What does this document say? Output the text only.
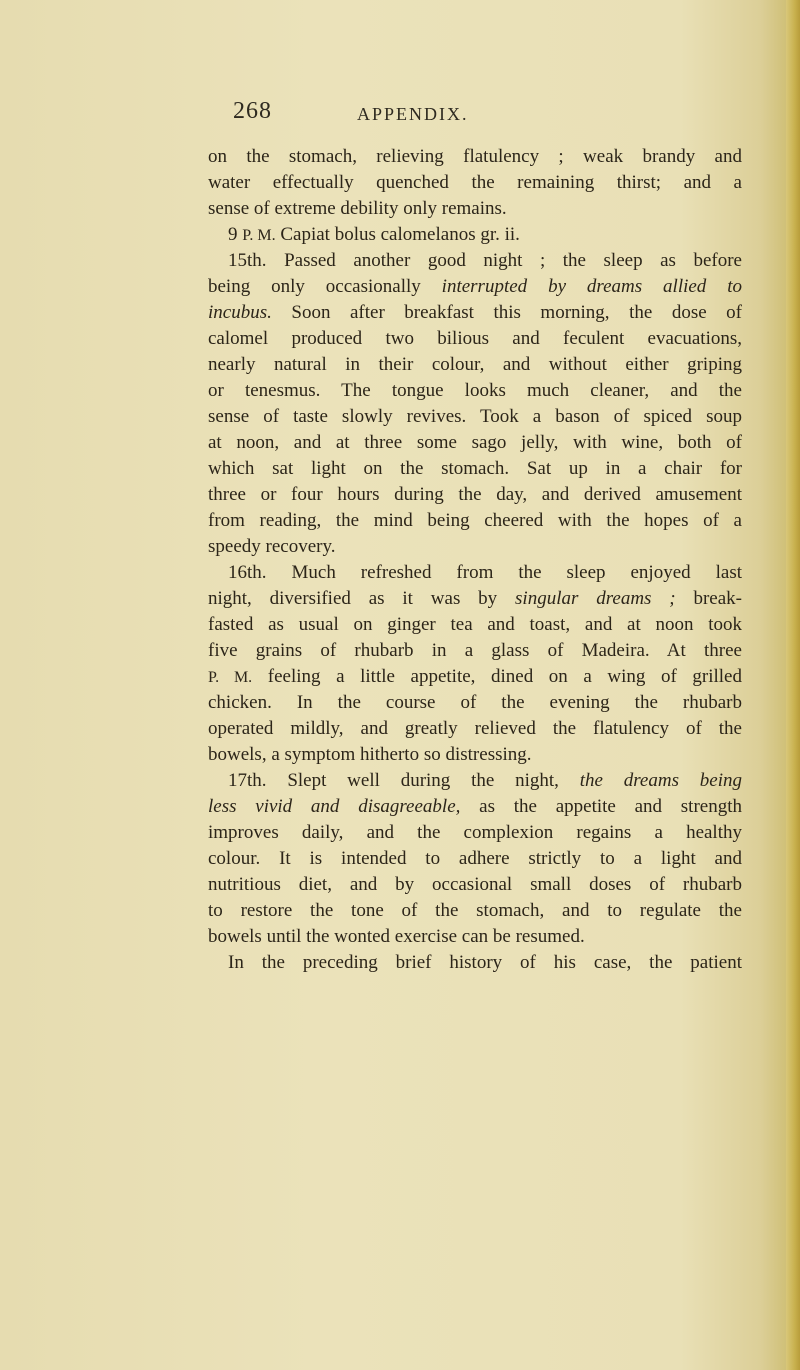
268	APPENDIX.
on the stomach, relieving flatulency ; weak brandy and
water effectually quenched the remaining thirst; and a
sense of extreme debility only remains.
9 P. M. Capiat bolus calomelanos gr. ii.
15th. Passed another good night ; the sleep as before
being only occasionally interrupted by dreams allied to
incubus. Soon after breakfast this morning, the dose of
calomel produced two bilious and feculent evacuations,
nearly natural in their colour, and without either griping
or tenesmus. The tongue looks much cleaner, and the
sense of taste slowly revives. Took a bason of spiced soup
at noon, and at three some sago jelly, with wine, both of
which sat light on the stomach. Sat up in a chair for
three or four hours during the day, and derived amusement
from reading, the mind being cheered with the hopes of a
speedy recovery.
16th. Much refreshed from the sleep enjoyed last
night, diversified as it was by singular dreams ; break-
fasted as usual on ginger tea and toast, and at noon took
five grains of rhubarb in a glass of Madeira. At three
P. M. feeling a little appetite, dined on a wing of grilled
chicken. In the course of the evening the rhubarb
operated mildly, and greatly relieved the flatulency of the
bowels, a symptom hitherto so distressing.
17th. Slept well during the night, the dreams being
less vivid and disagreeable, as the appetite and strength
improves daily, and the complexion regains a healthy
colour. It is intended to adhere strictly to a light and
nutritious diet, and by occasional small doses of rhubarb
to restore the tone of the stomach, and to regulate the
bowels until the wonted exercise can be resumed.
In the preceding brief history of his case, the patient
